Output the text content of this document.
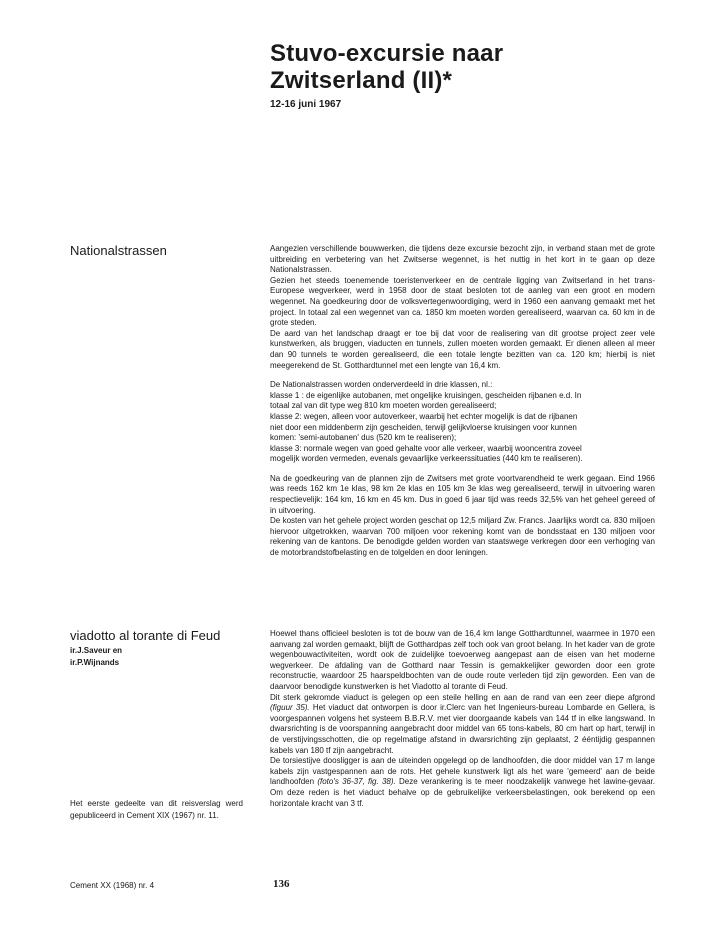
Stuvo-excursie naar
Zwitserland (II)*
12-16 juni 1967
Nationalstrassen	Aangezien verschillende bouwwerken, die tijdens deze excursie bezocht zijn, in verband staan met de grote uitbreiding en verbetering van het Zwitserse wegennet, is het nuttig in het kort in te gaan op deze Nationalstrassen.

Gezien het steeds toenemende toeristenverkeer en de centrale ligging van Zwitserland in het trans-Europese wegverkeer, werd in 1958 door de staat besloten tot de aanleg van een groot en modern wegennet. Na goedkeuring door de volksvertegenwoordiging, werd in 1960 een aanvang gemaakt met het project. In totaal zal een wegennet van ca. 1850 km moeten worden gerealiseerd, waarvan ca. 60 km in de grote steden.

De aard van het landschap draagt er toe bij dat voor de realisering van dit grootse project zeer vele kunstwerken, als bruggen, viaducten en tunnels, zullen moeten worden gemaakt. Er dienen alleen al meer dan 90 tunnels te worden gerealiseerd, die een totale lengte bezitten van ca. 120 km; hierbij is niet meegerekend de St. Gotthardtunnel met een lengte van 16,4 km.

De Nationalstrassen worden onderverdeeld in drie klassen, nl.:
klasse 1 : de eigenlijke autobanen, met ongelijke kruisingen, gescheiden rijbanen e.d. In
totaal zal van dit type weg 810 km moeten worden gerealiseerd;
klasse 2: wegen, alleen voor autoverkeer, waarbij het echter mogelijk is dat de rijbanen
niet door een middenberm zijn gescheiden, terwijl gelijkvloerse kruisingen voor kunnen
komen: 'semi-autobanen' dus (520 km te realiseren);
klasse 3: normale wegen van goed gehalte voor alle verkeer, waarbij wooncentra zoveel
mogelijk worden vermeden, evenals gevaarlijke verkeerssituaties (440 km te realiseren).

Na de goedkeuring van de plannen zijn de Zwitsers met grote voortvarendheid te werk gegaan. Eind 1966 was reeds 162 km 1e klas, 98 km 2e klas en 105 km 3e klas weg gerealiseerd, terwijl in uitvoering waren respectievelijk: 164 km, 16 km en 45 km. Dus in goed 6 jaar tijd was reeds 32,5% van het geheel gereed of in uitvoering.

De kosten van het gehele project worden geschat op 12,5 miljard Zw. Francs. Jaarlijks wordt ca. 830 miljoen hiervoor uitgetrokken, waarvan 700 miljoen voor rekening komt van de bondsstaat en 130 miljoen voor rekening van de kantons. De benodigde gelden worden van staatswege verkregen door een verhoging van de motorbrandstofbelasting en de tolgelden en door leningen.

viadotto al torante di Feud
ir.J.Saveur en
ir.P.Wijnands

Hoewel thans officieel besloten is tot de bouw van de 16,4 km lange Gotthardtunnel, waarmee in 1970 een aanvang zal worden gemaakt, blijft de Gotthardpas zelf toch ook van groot belang. In het kader van de grote wegenbouwactiviteiten, wordt ook de zuidelijke toevoerweg aangepast aan de eisen van het moderne wegverkeer. De afdaling van de Gotthard naar Tessin is gemakkelijker geworden door een grote reconstructie, waardoor 25 haarspeldbochten van de oude route verleden tijd zijn geworden. Een van de daarvoor benodigde kunstwerken is het Viadotto al torante di Feud.

Dit sterk gekromde viaduct is gelegen op een steile helling en aan de rand van een zeer diepe afgrond (figuur 35). Het viaduct dat ontworpen is door ir.Clerc van het Ingenieurs-bureau Lombarde en Gellera, is voorgespannen volgens het systeem B.B.R.V. met vier doorgaande kabels van 144 tf in elke langswand. In dwarsrichting is de voorspanning aangebracht door middel van 65 tons-kabels, 80 cm hart op hart, terwijl in de verstijvingsschotten, die op regelmatige afstand in dwarsrichting zijn geplaatst, 2 ééntijdig gespannen kabels van 180 tf zijn aangebracht.

De torsiestijve doosligger is aan de uiteinden opgelegd op de landhoofden, die door middel van 17 m lange kabels zijn vastgespannen aan de rots. Het gehele kunstwerk ligt als het ware 'gemeerd' aan de beide landhoofden (foto's 36-37, fig. 38). Deze verankering is te meer noodzakelijk vanwege het lawine-gevaar. Om deze reden is het viaduct behalve op de gebruikelijke verkeersbelastingen, ook berekend op een horizontale kracht van 3 tf.

Het eerste gedeelte van dit reisverslag werd gepubliceerd in Cement XIX (1967) nr. 11.
Cement XX (1968) nr. 4	136
